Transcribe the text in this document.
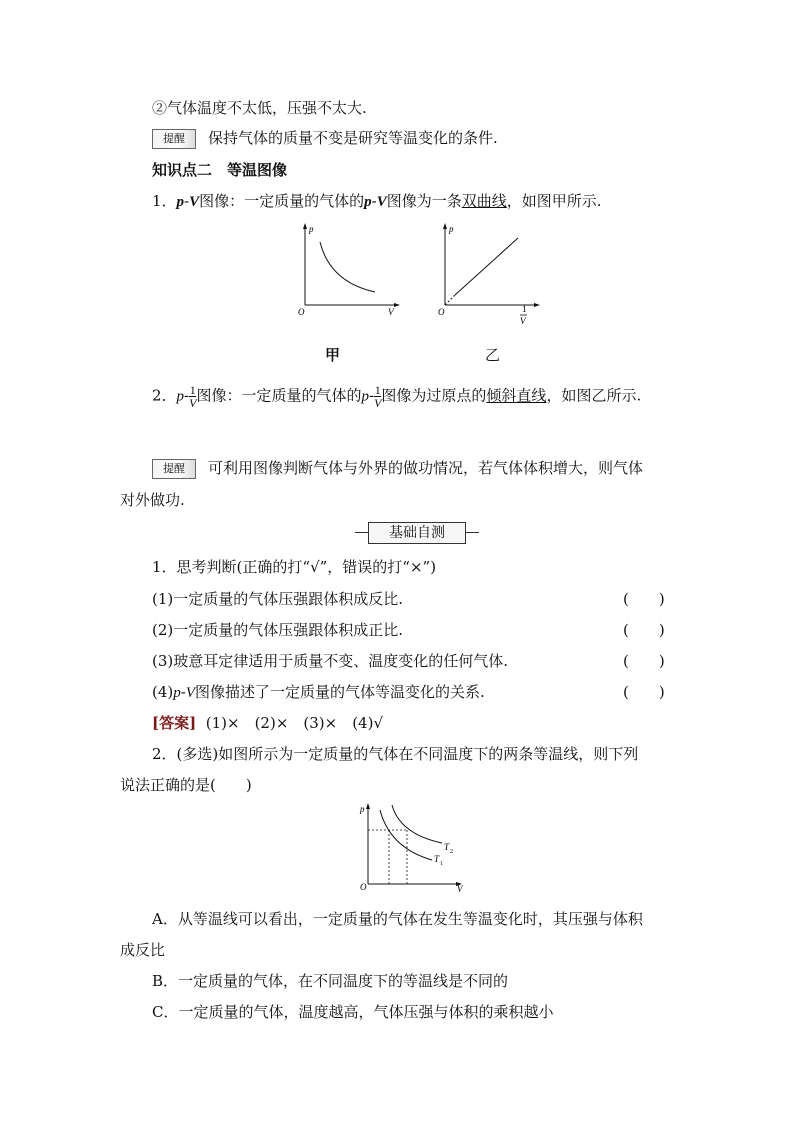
②气体温度不太低，压强不太大.
提醒 保持气体的质量不变是研究等温变化的条件.
知识点二　等温图像
1．p-V图像：一定质量的气体的p-V图像为一条双曲线，如图甲所示.
p
O	V
p
O	1
V
甲	乙
2．$p- \frac{1}{V}$ 图像：一定质量的气体的$p- \frac{1}{V}$ 图像为过原点的倾斜直线，如图乙所示.
提醒 可利用图像判断气体与外界的做功情况，若气体体积增大，则气体
对外做功.
基础自测
1．思考判断(正确的打“√”，错误的打“×”)
(1)一定质量的气体压强跟体积成反比.	(　　)
(2)一定质量的气体压强跟体积成正比.	(　　)
(3)玻意耳定律适用于质量不变、温度变化的任何气体.	(　　)
(4)p-V图像描述了一定质量的气体等温变化的关系.	(　　)
[答案] (1)×　(2)×　(3)×　(4)√
2．(多选)如图所示为一定质量的气体在不同温度下的两条等温线，则下列
说法正确的是(　　)
p
O	V
T 2
T 1
A．从等温线可以看出，一定质量的气体在发生等温变化时，其压强与体积
成反比
B．一定质量的气体，在不同温度下的等温线是不同的
C．一定质量的气体，温度越高，气体压强与体积的乘积越小
